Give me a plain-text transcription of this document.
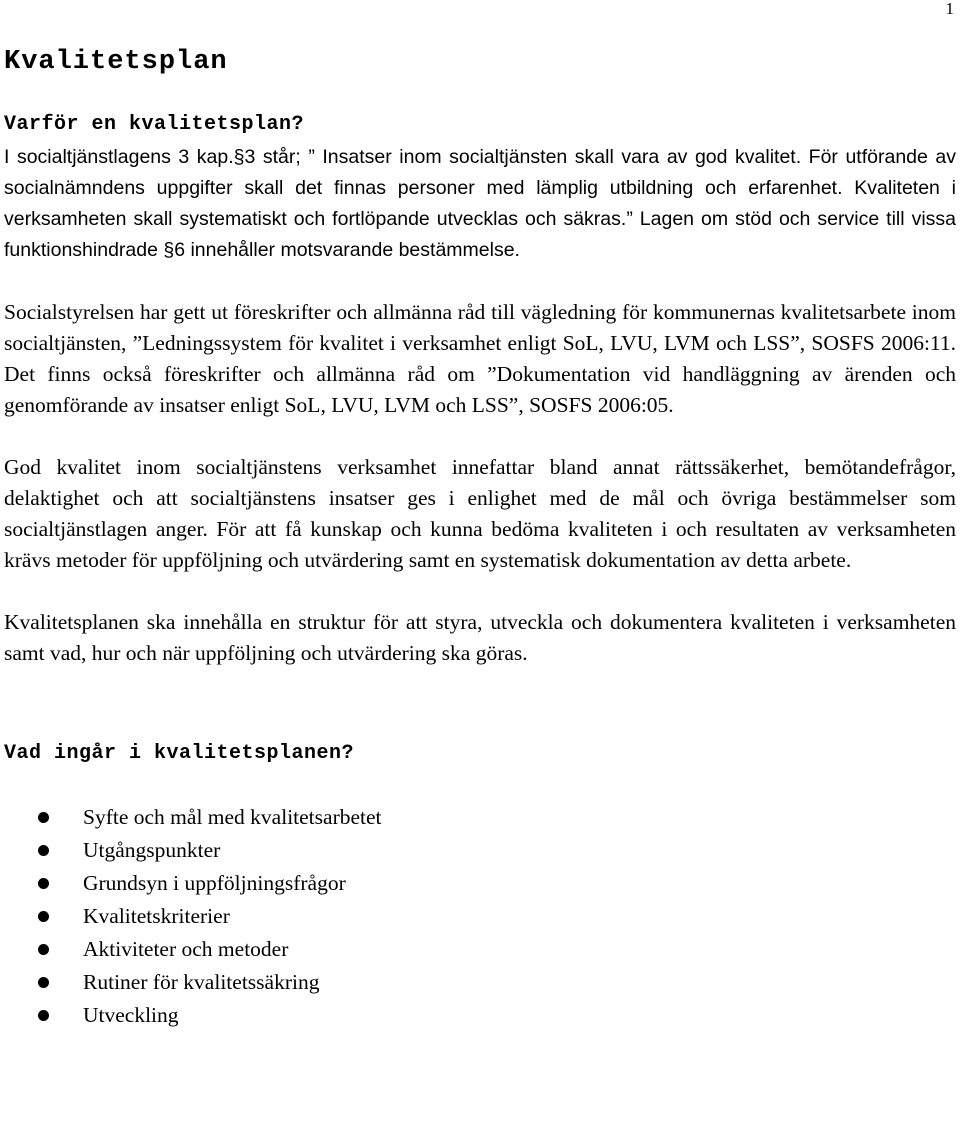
1
Kvalitetsplan
Varför en kvalitetsplan?

I socialtjänstlagens 3 kap.§3 står; ” Insatser inom socialtjänsten skall vara av god kvalitet. För utförande av socialnämndens uppgifter skall det finnas personer med lämplig utbildning och erfarenhet. Kvaliteten i verksamheten skall systematiskt och fortlöpande utvecklas och säkras.” Lagen om stöd och service till vissa funktionshindrade §6 innehåller motsvarande bestämmelse.

Socialstyrelsen har gett ut föreskrifter och allmänna råd till vägledning för kommunernas kvalitetsarbete inom socialtjänsten, ”Ledningssystem för kvalitet i verksamhet enligt SoL, LVU, LVM och LSS”, SOSFS 2006:11. Det finns också föreskrifter och allmänna råd om ”Dokumentation vid handläggning av ärenden och genomförande av insatser enligt SoL, LVU, LVM och LSS”, SOSFS 2006:05.

God kvalitet inom socialtjänstens verksamhet innefattar bland annat rättssäkerhet, bemötandefrågor, delaktighet och att socialtjänstens insatser ges i enlighet med de mål och övriga bestämmelser som socialtjänstlagen anger. För att få kunskap och kunna bedöma kvaliteten i och resultaten av verksamheten krävs metoder för uppföljning och utvärdering samt en systematisk dokumentation av detta arbete.

Kvalitetsplanen ska innehålla en struktur för att styra, utveckla och dokumentera kvaliteten i verksamheten samt vad, hur och när uppföljning och utvärdering ska göras.

Vad ingår i kvalitetsplanen?
Syfte och mål med kvalitetsarbetet
Utgångspunkter
Grundsyn i uppföljningsfrågor
Kvalitetskriterier
Aktiviteter och metoder
Rutiner för kvalitetssäkring
Utveckling
